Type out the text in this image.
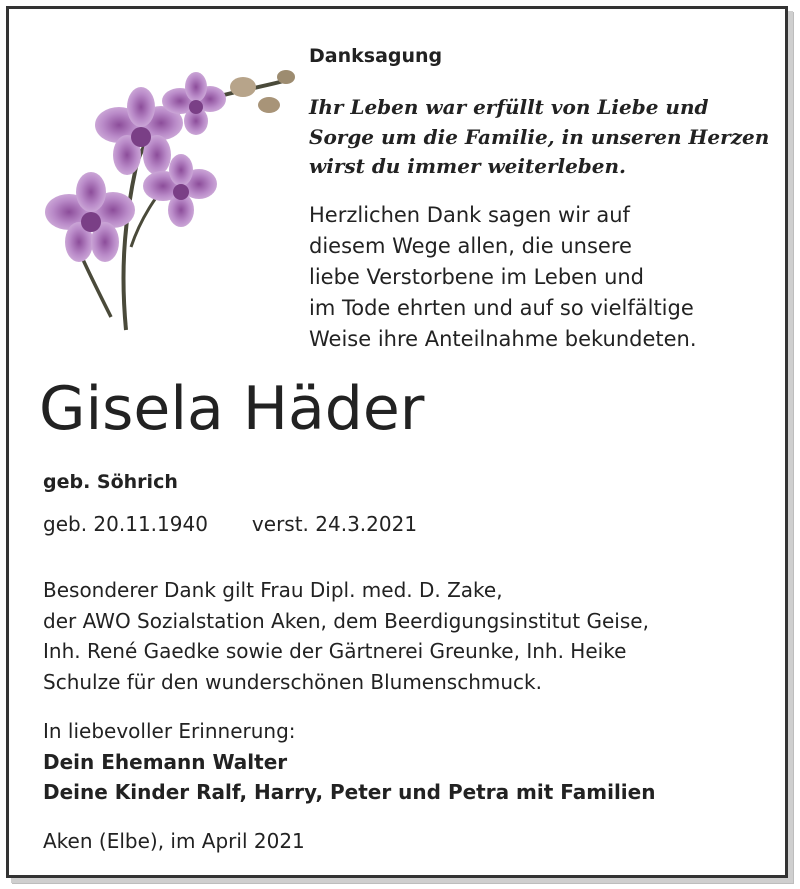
Danksagung
Ihr Leben war erfüllt von Liebe und
Sorge um die Familie, in unseren Herzen
wirst du immer weiterleben.
Herzlichen Dank sagen wir auf
diesem Wege allen, die unsere
liebe Verstorbene im Leben und
im Tode ehrten und auf so vielfältige
Weise ihre Anteilnahme bekundeten.
Gisela Häder
geb. Söhrich
geb. 20.11.1940 verst. 24.3.2021
Besonderer Dank gilt Frau Dipl. med. D. Zake,
der AWO Sozialstation Aken, dem Beerdigungsinstitut Geise,
Inh. René Gaedke sowie der Gärtnerei Greunke, Inh. Heike
Schulze für den wunderschönen Blumenschmuck.
In liebevoller Erinnerung:
Dein Ehemann Walter
Deine Kinder Ralf, Harry, Peter und Petra mit Familien
Aken (Elbe), im April 2021
